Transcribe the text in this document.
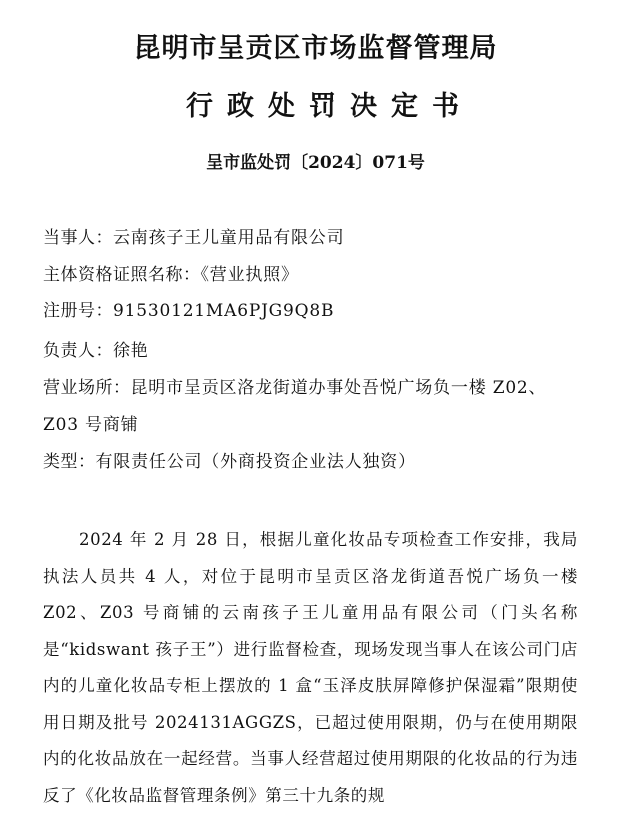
昆明市呈贡区市场监督管理局
行政处罚决定书
呈市监处罚〔2024〕071号
当事人：云南孩子王儿童用品有限公司
主体资格证照名称：《营业执照》
注册号：91530121MA6PJG9Q8B
负责人：徐艳
营业场所：昆明市呈贡区洛龙街道办事处吾悦广场负一楼 Z02、
Z03 号商铺
类型：有限责任公司（外商投资企业法人独资）
2024 年 2 月 28 日，根据儿童化妆品专项检查工作安排，我局执法人员共 4 人，对位于昆明市呈贡区洛龙街道吾悦广场负一楼 Z02、Z03 号商铺的云南孩子王儿童用品有限公司（门头名称是“kidswant 孩子王”）进行监督检查，现场发现当事人在该公司门店内的儿童化妆品专柜上摆放的 1 盒“玉泽皮肤屏障修护保湿霜”限期使用日期及批号 2024131AGGZS，已超过使用限期，仍与在使用期限内的化妆品放在一起经营。当事人经营超过使用期限的化妆品的行为违反了《化妆品监督管理条例》第三十九条的规
